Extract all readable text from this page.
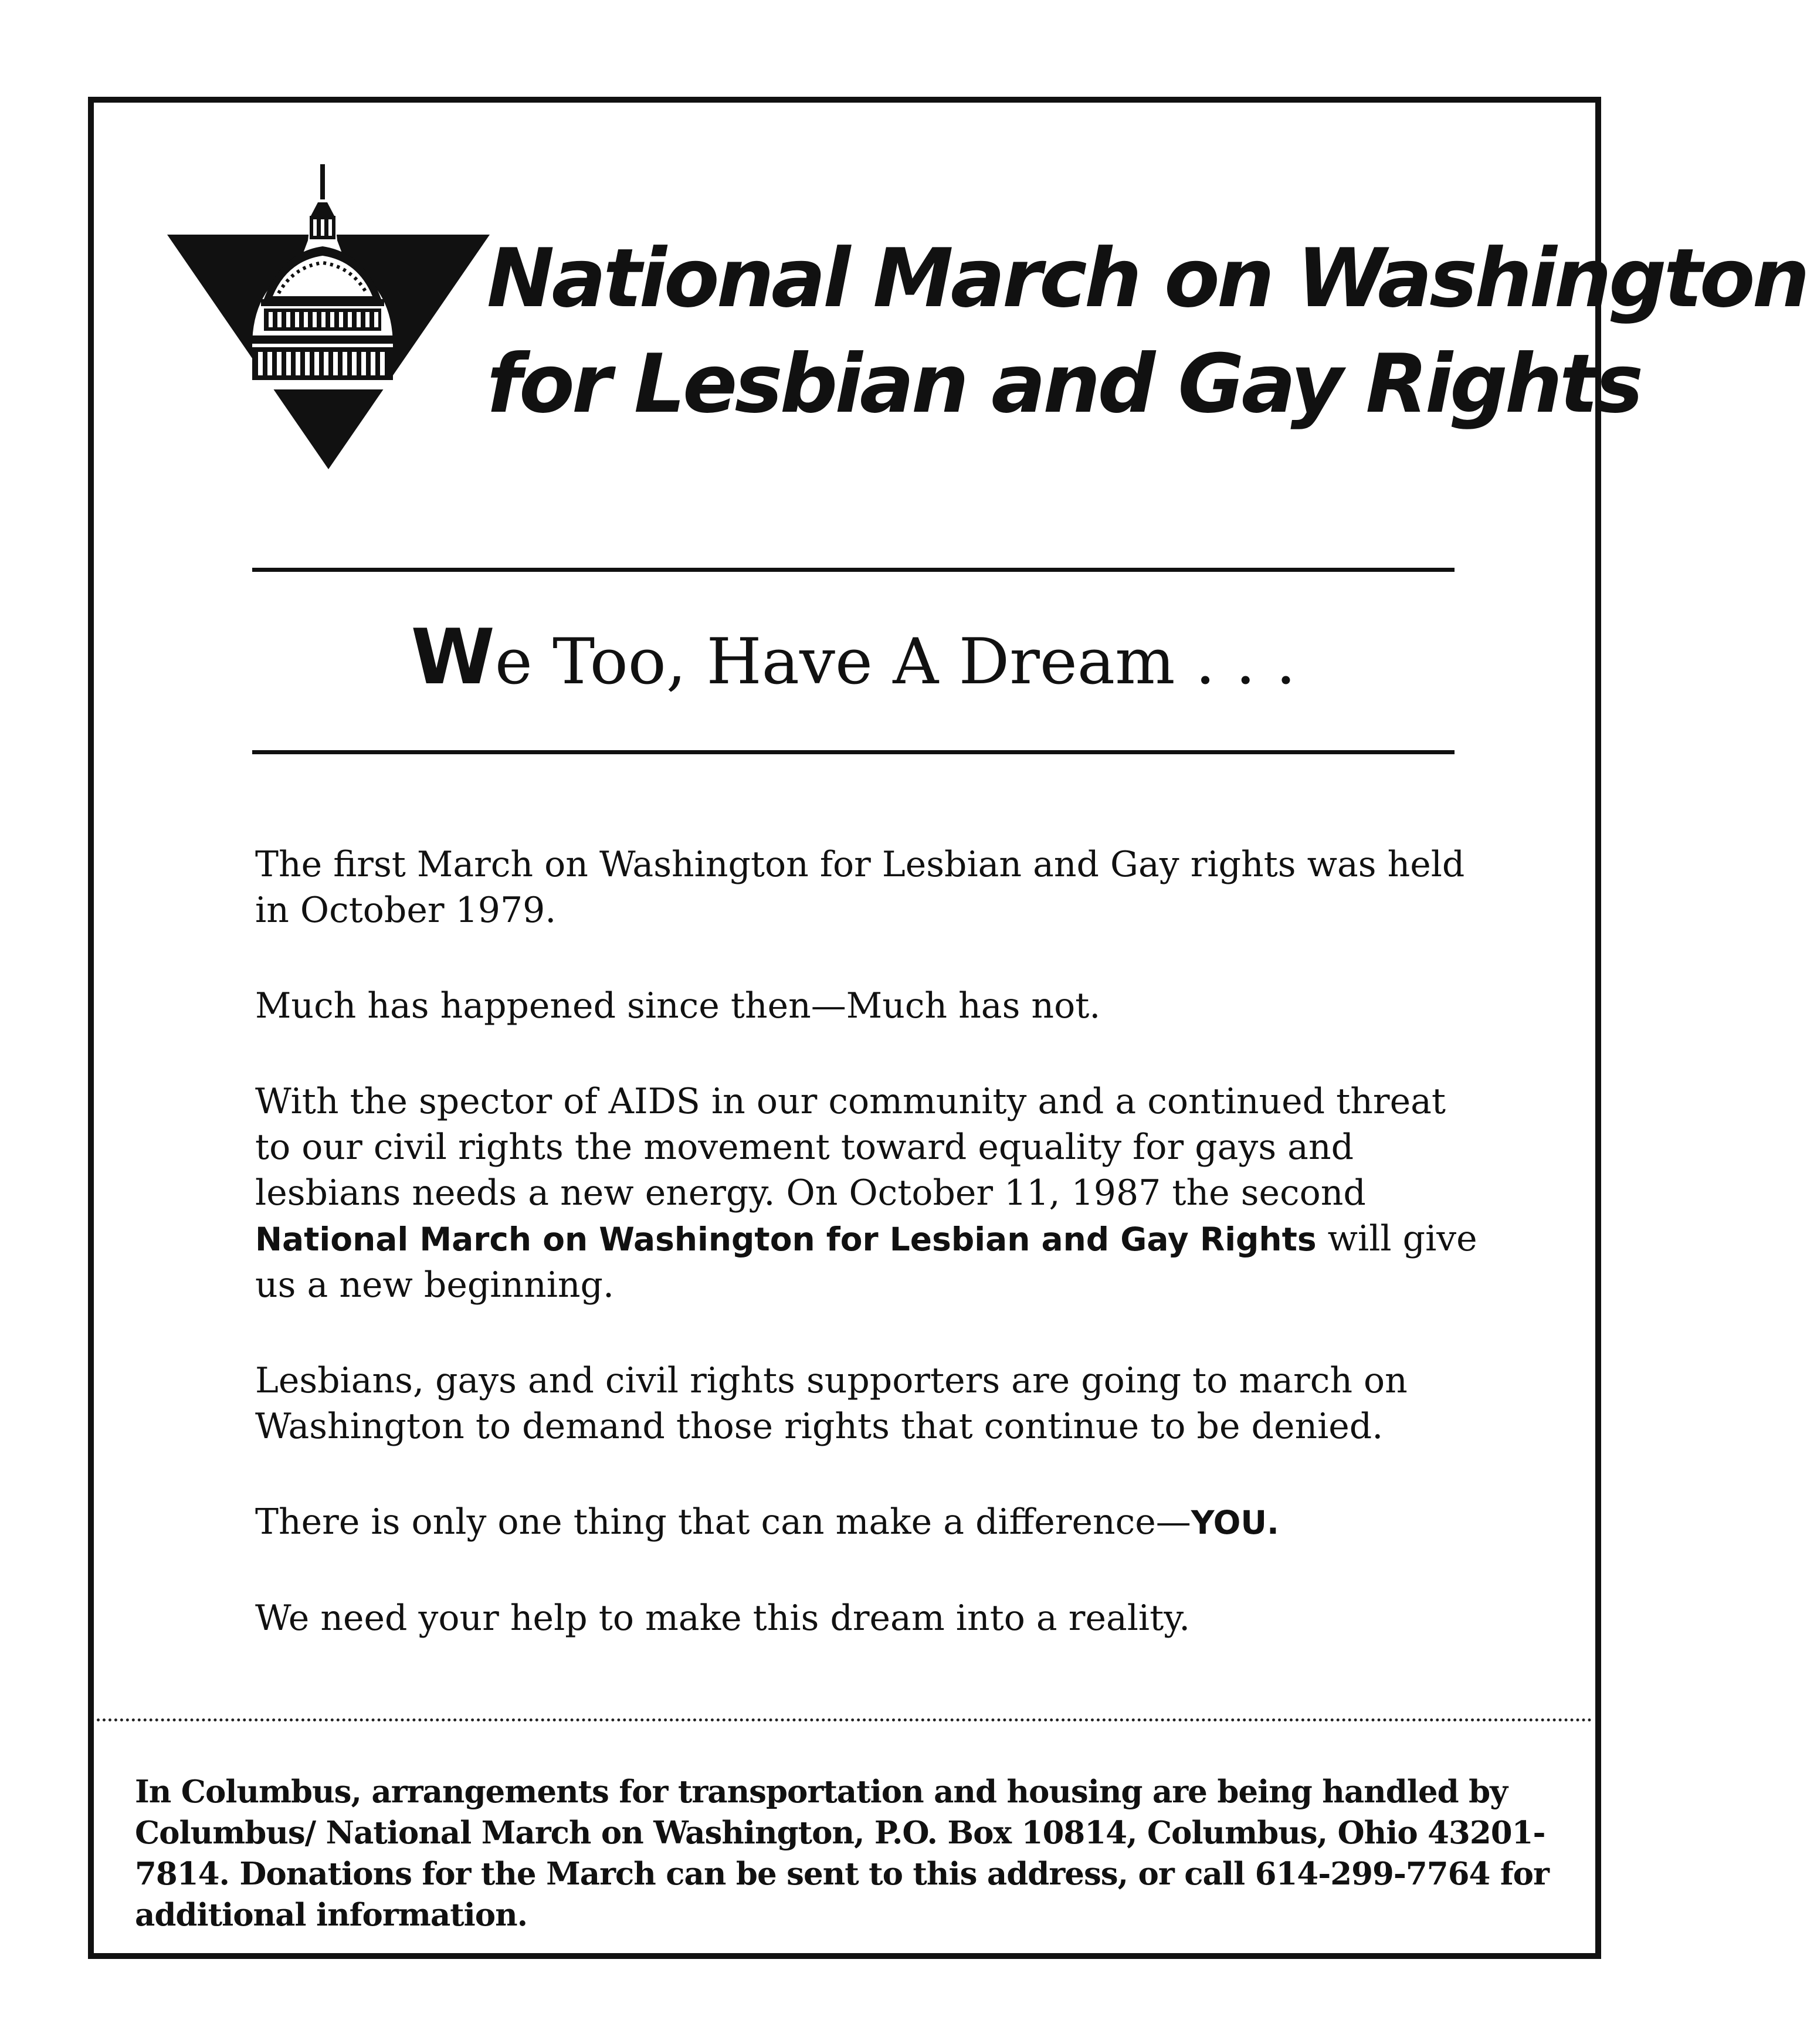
National March on Washington
for Lesbian and Gay Rights
We Too, Have A Dream . . .

The first March on Washington for Lesbian and Gay rights was held in October 1979.

Much has happened since then—Much has not.

With the spector of AIDS in our community and a continued threat to our civil rights the movement toward equality for gays and lesbians needs a new energy. On October 11, 1987 the second National March on Washington for Lesbian and Gay Rights will give us a new beginning.

Lesbians, gays and civil rights supporters are going to march on Washington to demand those rights that continue to be denied.

There is only one thing that can make a difference—YOU.

We need your help to make this dream into a reality.

In Columbus, arrangements for transportation and housing are being handled by Columbus/ National March on Washington, P.O. Box 10814, Columbus, Ohio 43201-7814. Donations for the March can be sent to this address, or call 614-299-7764 for additional information.
